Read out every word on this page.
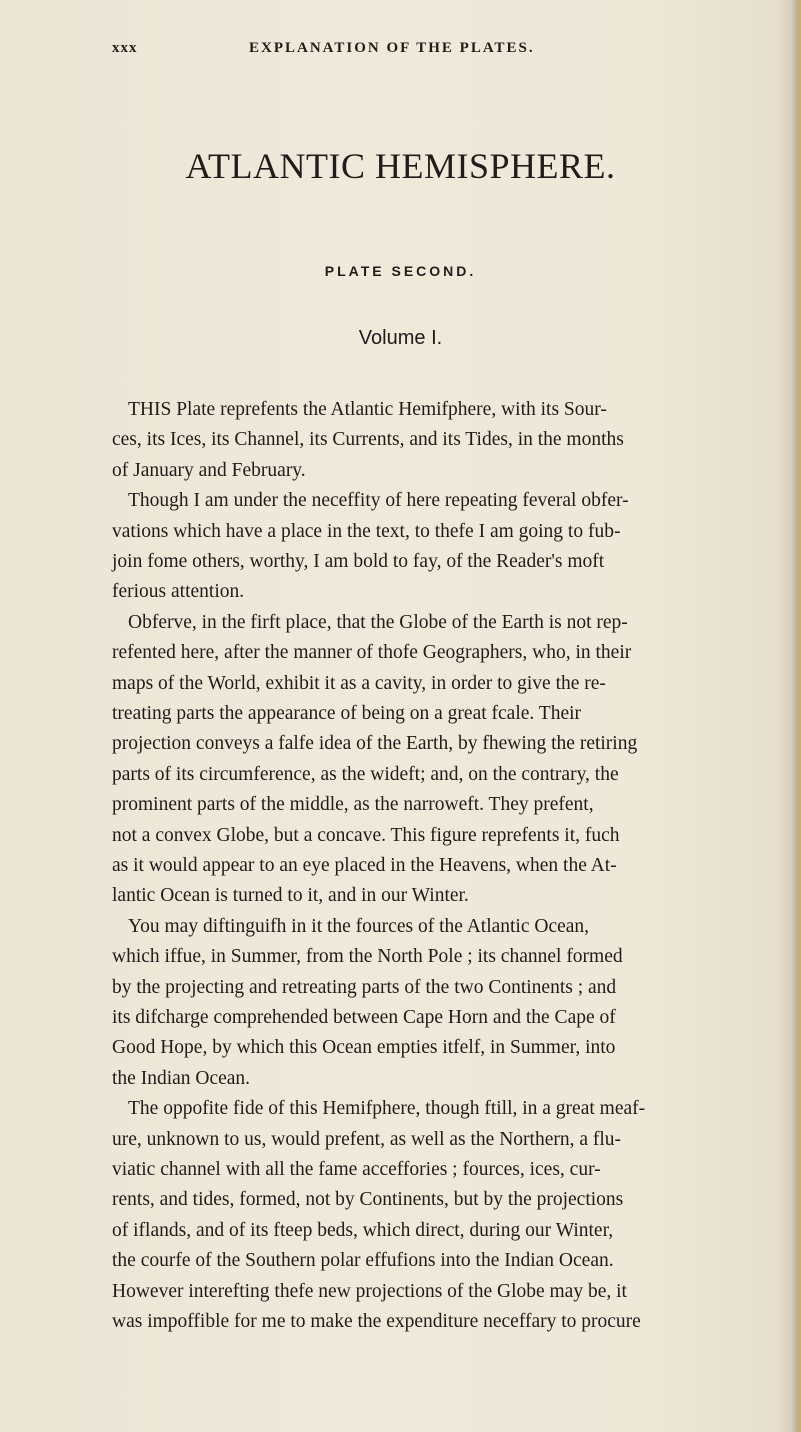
xxx	EXPLANATION OF THE PLATES.
ATLANTIC HEMISPHERE.
PLATE SECOND.
Volume I.
THIS Plate reprefents the Atlantic Hemifphere, with its Sour-
ces, its Ices, its Channel, its Currents, and its Tides, in the months
of January and February.
Though I am under the neceffity of here repeating feveral obfer-
vations which have a place in the text, to thefe I am going to fub-
join fome others, worthy, I am bold to fay, of the Reader's moft
ferious attention.
Obferve, in the firft place, that the Globe of the Earth is not rep-
refented here, after the manner of thofe Geographers, who, in their
maps of the World, exhibit it as a cavity, in order to give the re-
treating parts the appearance of being on a great fcale. Their
projection conveys a falfe idea of the Earth, by fhewing the retiring
parts of its circumference, as the wideft; and, on the contrary, the
prominent parts of the middle, as the narroweft. They prefent,
not a convex Globe, but a concave. This figure reprefents it, fuch
as it would appear to an eye placed in the Heavens, when the At-
lantic Ocean is turned to it, and in our Winter.
You may diftinguifh in it the fources of the Atlantic Ocean,
which iffue, in Summer, from the North Pole ; its channel formed
by the projecting and retreating parts of the two Continents ; and
its difcharge comprehended between Cape Horn and the Cape of
Good Hope, by which this Ocean empties itfelf, in Summer, into
the Indian Ocean.
The oppofite fide of this Hemifphere, though ftill, in a great meaf-
ure, unknown to us, would prefent, as well as the Northern, a flu-
viatic channel with all the fame acceffories ; fources, ices, cur-
rents, and tides, formed, not by Continents, but by the projections
of iflands, and of its fteep beds, which direct, during our Winter,
the courfe of the Southern polar effufions into the Indian Ocean.
However interefting thefe new projections of the Globe may be, it
was impoffible for me to make the expenditure neceffary to procure
